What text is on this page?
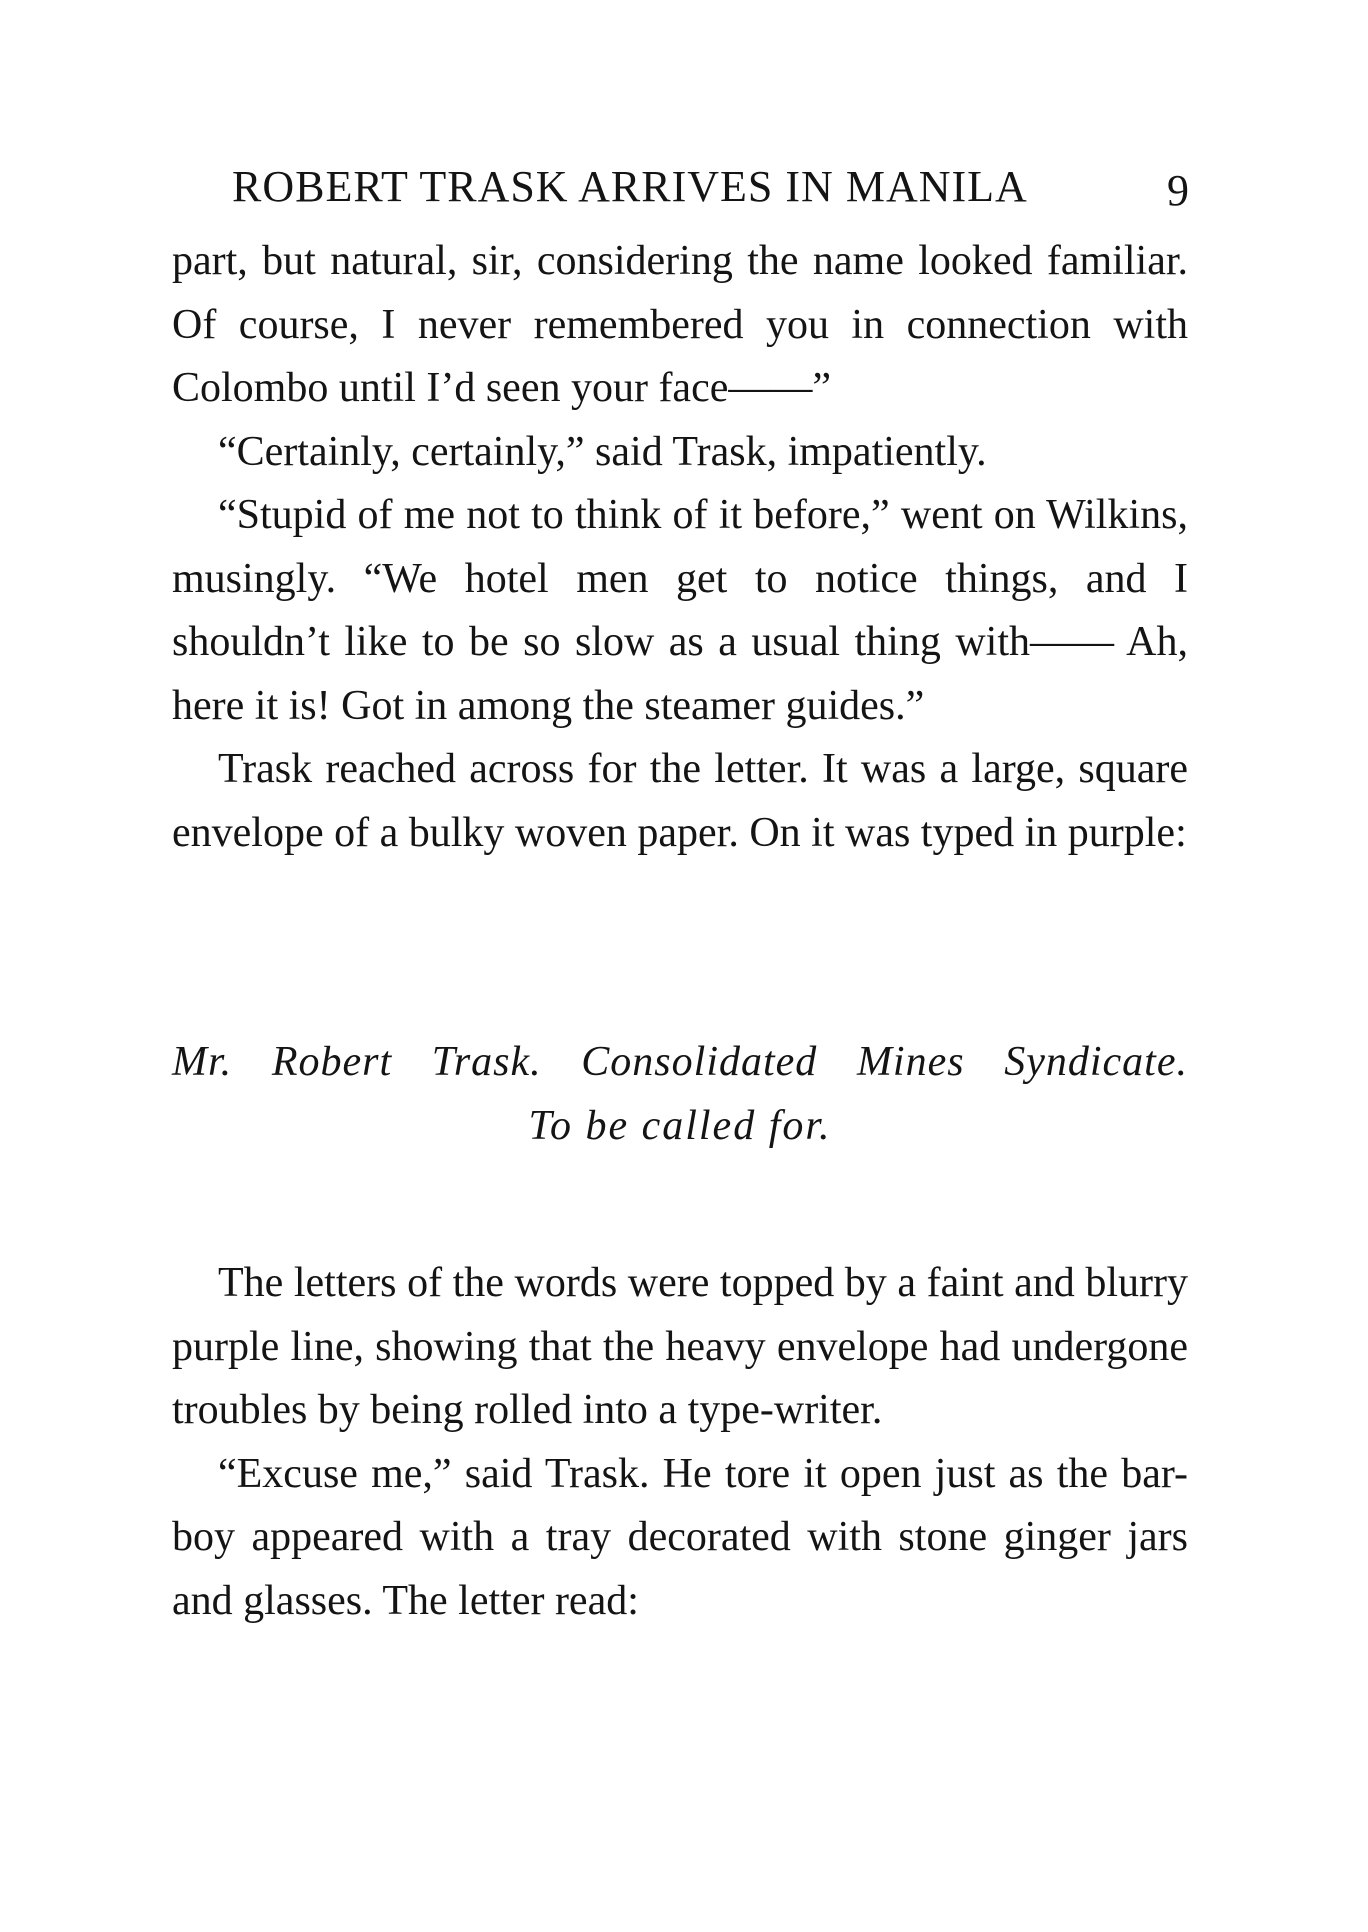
ROBERT TRASK ARRIVES IN MANILA	9

part, but natural, sir, considering the name looked familiar. Of course, I never remembered you in connection with Colombo until I’d seen your face——”

“Certainly, certainly,” said Trask, impatiently.

“Stupid of me not to think of it before,” went on Wilkins, musingly. “We hotel men get to notice things, and I shouldn’t like to be so slow as a usual thing with—— Ah, here it is! Got in among the steamer guides.”

Trask reached across for the letter. It was a large, square envelope of a bulky woven paper. On it was typed in purple:

Mr. Robert Trask. Consolidated Mines Syndicate.
To be called for.

The letters of the words were topped by a faint and blurry purple line, showing that the heavy envelope had undergone troubles by being rolled into a type-writer.

“Excuse me,” said Trask. He tore it open just as the bar-boy appeared with a tray decorated with stone ginger jars and glasses. The letter read:
